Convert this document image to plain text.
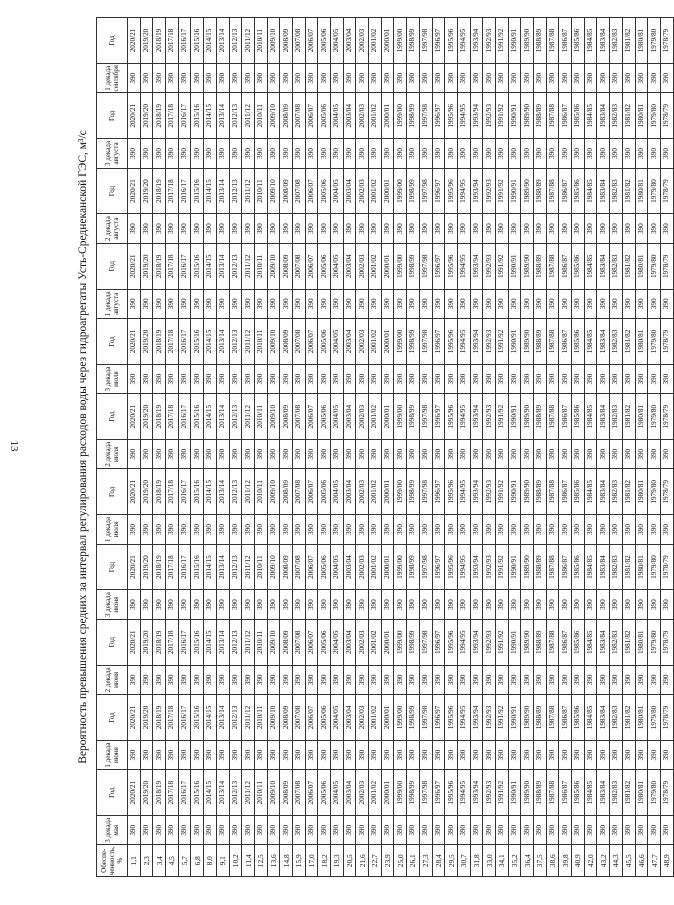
13	Вероятность превышения средних за интервал регулирования расходов воды через гидроагрегаты Усть-Среднеканской ГЭС, м³/с
Обеспе-ченность, %	3 декада мая	Год	1 декада июня	Год	2 декада июня	Год	3 декада июня	Год	1 декада июля	Год	2 декада июля	Год	3 декада июля	Год	1 декада августа	Год	2 декада августа	Год	3 декада августа	Год	1 декада сентября	Год
1,1	390	2020/21	390	2020/21	390	2020/21	390	2020/21	390	2020/21	390	2020/21	390	2020/21	390	2020/21	390	2020/21	390	2020/21	390	2020/21
2,3	390	2019/20	390	2019/20	390	2019/20	390	2019/20	390	2019/20	390	2019/20	390	2019/20	390	2019/20	390	2019/20	390	2019/20	390	2019/20
3,4	390	2018/19	390	2018/19	390	2018/19	390	2018/19	390	2018/19	390	2018/19	390	2018/19	390	2018/19	390	2018/19	390	2018/19	390	2018/19
4,5	390	2017/18	390	2017/18	390	2017/18	390	2017/18	390	2017/18	390	2017/18	390	2017/18	390	2017/18	390	2017/18	390	2017/18	390	2017/18
5,7	390	2016/17	390	2016/17	390	2016/17	390	2016/17	390	2016/17	390	2016/17	390	2016/17	390	2016/17	390	2016/17	390	2016/17	390	2016/17
6,8	390	2015/16	390	2015/16	390	2015/16	390	2015/16	390	2015/16	390	2015/16	390	2015/16	390	2015/16	390	2015/16	390	2015/16	390	2015/16
8,0	390	2014/15	390	2014/15	390	2014/15	390	2014/15	390	2014/15	390	2014/15	390	2014/15	390	2014/15	390	2014/15	390	2014/15	390	2014/15
9,1	390	2013/14	390	2013/14	390	2013/14	390	2013/14	390	2013/14	390	2013/14	390	2013/14	390	2013/14	390	2013/14	390	2013/14	390	2013/14
10,2	390	2012/13	390	2012/13	390	2012/13	390	2012/13	390	2012/13	390	2012/13	390	2012/13	390	2012/13	390	2012/13	390	2012/13	390	2012/13
11,4	390	2011/12	390	2011/12	390	2011/12	390	2011/12	390	2011/12	390	2011/12	390	2011/12	390	2011/12	390	2011/12	390	2011/12	390	2011/12
12,5	390	2010/11	390	2010/11	390	2010/11	390	2010/11	390	2010/11	390	2010/11	390	2010/11	390	2010/11	390	2010/11	390	2010/11	390	2010/11
13,6	390	2009/10	390	2009/10	390	2009/10	390	2009/10	390	2009/10	390	2009/10	390	2009/10	390	2009/10	390	2009/10	390	2009/10	390	2009/10
14,8	390	2008/09	390	2008/09	390	2008/09	390	2008/09	390	2008/09	390	2008/09	390	2008/09	390	2008/09	390	2008/09	390	2008/09	390	2008/09
15,9	390	2007/08	390	2007/08	390	2007/08	390	2007/08	390	2007/08	390	2007/08	390	2007/08	390	2007/08	390	2007/08	390	2007/08	390	2007/08
17,0	390	2006/07	390	2006/07	390	2006/07	390	2006/07	390	2006/07	390	2006/07	390	2006/07	390	2006/07	390	2006/07	390	2006/07	390	2006/07
18,2	390	2005/06	390	2005/06	390	2005/06	390	2005/06	390	2005/06	390	2005/06	390	2005/06	390	2005/06	390	2005/06	390	2005/06	390	2005/06
19,3	390	2004/05	390	2004/05	390	2004/05	390	2004/05	390	2004/05	390	2004/05	390	2004/05	390	2004/05	390	2004/05	390	2004/05	390	2004/05
20,5	390	2003/04	390	2003/04	390	2003/04	390	2003/04	390	2003/04	390	2003/04	390	2003/04	390	2003/04	390	2003/04	390	2003/04	390	2003/04
21,6	390	2002/03	390	2002/03	390	2002/03	390	2002/03	390	2002/03	390	2002/03	390	2002/03	390	2002/03	390	2002/03	390	2002/03	390	2002/03
22,7	390	2001/02	390	2001/02	390	2001/02	390	2001/02	390	2001/02	390	2001/02	390	2001/02	390	2001/02	390	2001/02	390	2001/02	390	2001/02
23,9	390	2000/01	390	2000/01	390	2000/01	390	2000/01	390	2000/01	390	2000/01	390	2000/01	390	2000/01	390	2000/01	390	2000/01	390	2000/01
25,0	390	1999/00	390	1999/00	390	1999/00	390	1999/00	390	1999/00	390	1999/00	390	1999/00	390	1999/00	390	1999/00	390	1999/00	390	1999/00
26,1	390	1998/99	390	1998/99	390	1998/99	390	1998/99	390	1998/99	390	1998/99	390	1998/99	390	1998/99	390	1998/99	390	1998/99	390	1998/99
27,3	390	1997/98	390	1997/98	390	1997/98	390	1997/98	390	1997/98	390	1997/98	390	1997/98	390	1997/98	390	1997/98	390	1997/98	390	1997/98
28,4	390	1996/97	390	1996/97	390	1996/97	390	1996/97	390	1996/97	390	1996/97	390	1996/97	390	1996/97	390	1996/97	390	1996/97	390	1996/97
29,5	390	1995/96	390	1995/96	390	1995/96	390	1995/96	390	1995/96	390	1995/96	390	1995/96	390	1995/96	390	1995/96	390	1995/96	390	1995/96
30,7	390	1994/95	390	1994/95	390	1994/95	390	1994/95	390	1994/95	390	1994/95	390	1994/95	390	1994/95	390	1994/95	390	1994/95	390	1994/95
31,8	390	1993/94	390	1993/94	390	1993/94	390	1993/94	390	1993/94	390	1993/94	390	1993/94	390	1993/94	390	1993/94	390	1993/94	390	1993/94
33,0	390	1992/93	390	1992/93	390	1992/93	390	1992/93	390	1992/93	390	1992/93	390	1992/93	390	1992/93	390	1992/93	390	1992/93	390	1992/93
34,1	390	1991/92	390	1991/92	390	1991/92	390	1991/92	390	1991/92	390	1991/92	390	1991/92	390	1991/92	390	1991/92	390	1991/92	390	1991/92
35,2	390	1990/91	390	1990/91	390	1990/91	390	1990/91	390	1990/91	390	1990/91	390	1990/91	390	1990/91	390	1990/91	390	1990/91	390	1990/91
36,4	390	1989/90	390	1989/90	390	1989/90	390	1989/90	390	1989/90	390	1989/90	390	1989/90	390	1989/90	390	1989/90	390	1989/90	390	1989/90
37,5	390	1988/89	390	1988/89	390	1988/89	390	1988/89	390	1988/89	390	1988/89	390	1988/89	390	1988/89	390	1988/89	390	1988/89	390	1988/89
38,6	390	1987/88	390	1987/88	390	1987/88	390	1987/88	390	1987/88	390	1987/88	390	1987/88	390	1987/88	390	1987/88	390	1987/88	390	1987/88
39,8	390	1986/87	390	1986/87	390	1986/87	390	1986/87	390	1986/87	390	1986/87	390	1986/87	390	1986/87	390	1986/87	390	1986/87	390	1986/87
40,9	390	1985/86	390	1985/86	390	1985/86	390	1985/86	390	1985/86	390	1985/86	390	1985/86	390	1985/86	390	1985/86	390	1985/86	390	1985/86
42,0	390	1984/85	390	1984/85	390	1984/85	390	1984/85	390	1984/85	390	1984/85	390	1984/85	390	1984/85	390	1984/85	390	1984/85	390	1984/85
43,2	390	1983/84	390	1983/84	390	1983/84	390	1983/84	390	1983/84	390	1983/84	390	1983/84	390	1983/84	390	1983/84	390	1983/84	390	1983/84
44,3	390	1982/83	390	1982/83	390	1982/83	390	1982/83	390	1982/83	390	1982/83	390	1982/83	390	1982/83	390	1982/83	390	1982/83	390	1982/83
45,5	390	1981/82	390	1981/82	390	1981/82	390	1981/82	390	1981/82	390	1981/82	390	1981/82	390	1981/82	390	1981/82	390	1981/82	390	1981/82
46,6	390	1980/81	390	1980/81	390	1980/81	390	1980/81	390	1980/81	390	1980/81	390	1980/81	390	1980/81	390	1980/81	390	1980/81	390	1980/81
47,7	390	1979/80	390	1979/80	390	1979/80	390	1979/80	390	1979/80	390	1979/80	390	1979/80	390	1979/80	390	1979/80	390	1979/80	390	1979/80
48,9	390	1978/79	390	1978/79	390	1978/79	390	1978/79	390	1978/79	390	1978/79	390	1978/79	390	1978/79	390	1978/79	390	1978/79	390	1978/79
